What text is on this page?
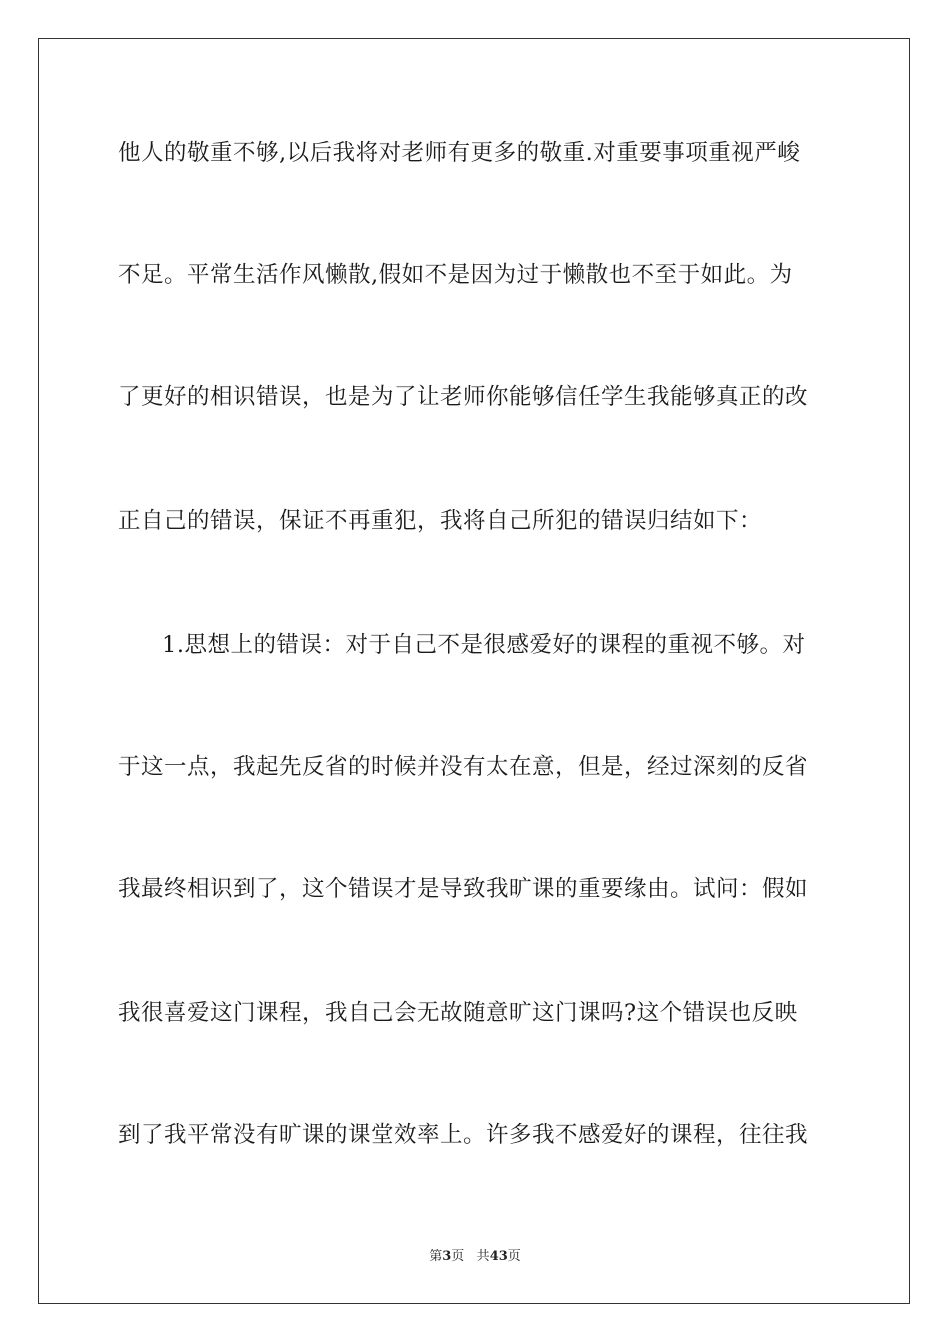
他人的敬重不够,以后我将对老师有更多的敬重.对重要事项重视严峻
不足。平常生活作风懒散,假如不是因为过于懒散也不至于如此。为
了更好的相识错误，也是为了让老师你能够信任学生我能够真正的改
正自己的错误，保证不再重犯，我将自己所犯的错误归结如下：
1.思想上的错误：对于自己不是很感爱好的课程的重视不够。对
于这一点，我起先反省的时候并没有太在意，但是，经过深刻的反省
我最终相识到了，这个错误才是导致我旷课的重要缘由。试问：假如
我很喜爱这门课程，我自己会无故随意旷这门课吗?这个错误也反映
到了我平常没有旷课的课堂效率上。许多我不感爱好的课程，往往我
第3页 共43页
